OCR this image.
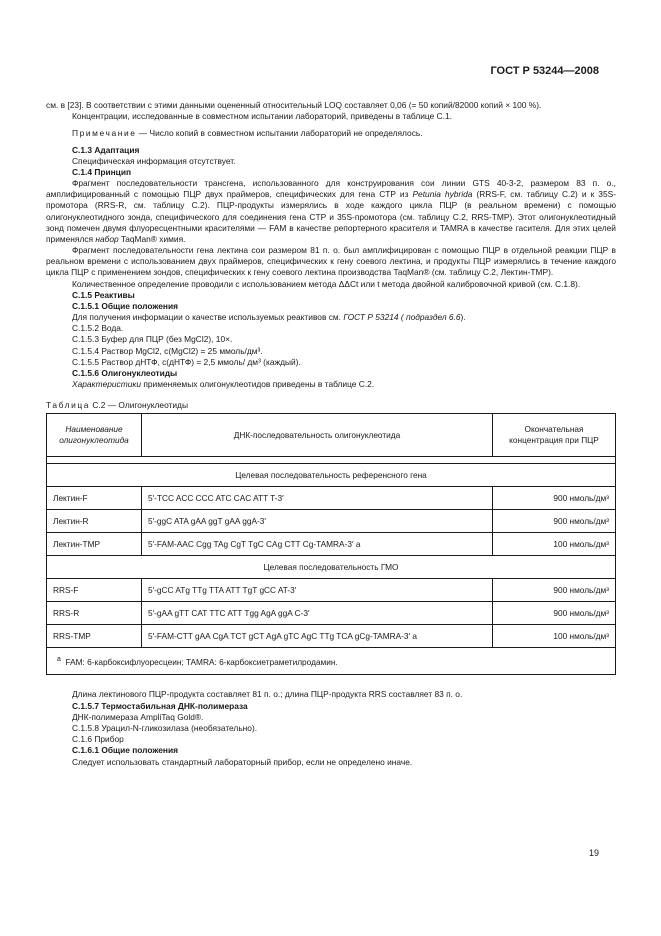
ГОСТ Р 53244—2008

см. в [23]. В соответствии с этими данными оцененный относительный LOQ составляет 0,06 (= 50 копий/82000 копий × 100 %).

Концентрации, исследованные в совместном испытании лабораторий, приведены в таблице С.1.

Примечание — Число копий в совместном испытании лабораторий не определялось.

С.1.3 Адаптация

Специфическая информация отсутствует.

С.1.4 Принцип

Фрагмент последовательности трансгена, использованного для конструирования сои линии GTS 40-3-2, размером 83 п. о., амплифицированный с помощью ПЦР двух праймеров, специфических для гена CTP из Petunia hybrida (RRS-F, см. таблицу С.2) и к 35S-промотора (RRS-R, см. таблицу С.2). ПЦР-продукты измерялись в ходе каждого цикла ПЦР (в реальном времени) с помощью олигонуклеотидного зонда, специфического для соединения гена CTP и 35S-промотора (см. таблицу С.2, RRS-TMP). Этот олигонуклеотидный зонд помечен двумя флуоресцентными красителями — FAM в качестве репортерного красителя и TAMRA в качестве гасителя. Для этих целей применялся набор TaqMan® химия.

Фрагмент последовательности гена лектина сои размером 81 п. о. был амплифицирован с помощью ПЦР в отдельной реакции ПЦР в реальном времени с использованием двух праймеров, специфических к гену соевого лектина, и продукты ПЦР измерялись в течение каждого цикла ПЦР с применением зондов, специфических к гену соевого лектина производства TaqMan® (см. таблицу С.2, Лектин-TMP).

Количественное определение проводили с использованием метода ΔΔCt или t метода двойной калибровочной кривой (см. С.1.8).

С.1.5 Реактивы

С.1.5.1 Общие положения

Для получения информации о качестве используемых реактивов см. ГОСТ Р 53214 ( подраздел 6.6).

С.1.5.2 Вода.

С.1.5.3 Буфер для ПЦР (без MgCl2), 10×.

С.1.5.4 Раствор MgCl2, c(MgCl2) = 25 ммоль/дм³.

С.1.5.5 Раствор дНТФ, c(дНТФ) = 2,5 ммоль/ дм³ (каждый).

С.1.5.6 Олигонуклеотиды

Характеристики применяемых олигонуклеотидов приведены в таблице С.2.

Таблица С.2 — Олигонуклеотиды

Наименование олигонуклеотида	ДНК-последовательность олигонуклеотида	Окончательная концентрация при ПЦР

Целевая последовательность референсного гена		
Лектин-F	5′-TCC ACC CCC ATC CAC ATT T-3′	900 нмоль/дм³
Лектин-R	5′-ggC ATA gAA ggT gAA ggA-3′	900 нмоль/дм³
Лектин-TMP	5′-FAM-AAC Cgg TAg CgT TgC CAg CTT Cg-TAMRA-3′ a	100 нмоль/дм³
Целевая последовательность ГМО		
RRS-F	5′-gCC ATg TTg TTA ATT TgT gCC AT-3′	900 нмоль/дм³
RRS-R	5′-gAA gTT CAT TTC ATT Tgg AgA ggA C-3′	900 нмоль/дм³
RRS-TMP	5′-FAM-CTT gAA CgA TCT gCT AgA gTC AgC TTg TCA gCg-TAMRA-3′ a	100 нмоль/дм³
$^a$ FAM: 6-карбоксифлуоресцеин; TAMRA: 6-карбоксиетраметилродамин.		

Длина лектинового ПЦР-продукта составляет 81 п. о.; длина ПЦР-продукта RRS составляет 83 п. о.

С.1.5.7 Термостабильная ДНК-полимераза

ДНК-полимераза AmpliTaq Gold®.

С.1.5.8 Урацил-N-гликозилаза (необязательно).

С.1.6 Прибор

С.1.6.1 Общие положения

Следует использовать стандартный лабораторный прибор, если не определено иначе.

19
